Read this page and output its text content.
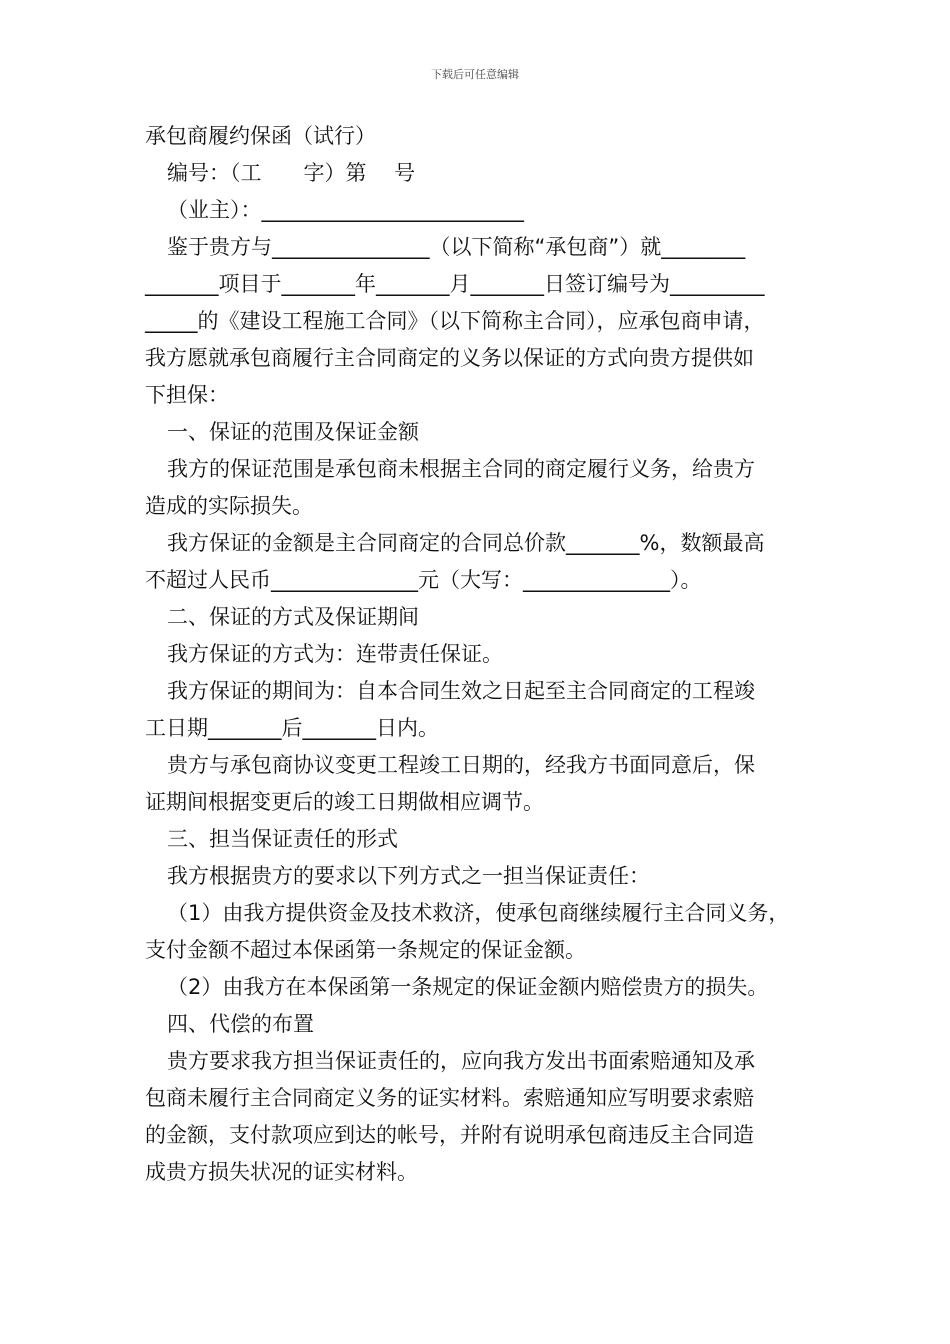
下载后可任意编辑
承包商履约保函（试行）
编号：（工　　字）第　 号
（业主）：_________________________
鉴于贵方与_______________（以下简称“承包商”）就________
_______项目于_______年_______月_______日签订编号为_________
_____的《建设工程施工合同》（以下简称主合同），应承包商申请，
我方愿就承包商履行主合同商定的义务以保证的方式向贵方提供如
下担保：
一、保证的范围及保证金额
我方的保证范围是承包商未根据主合同的商定履行义务，给贵方
造成的实际损失。
我方保证的金额是主合同商定的合同总价款_______%，数额最高
不超过人民币______________元（大写：______________）。
二、保证的方式及保证期间
我方保证的方式为：连带责任保证。
我方保证的期间为：自本合同生效之日起至主合同商定的工程竣
工日期_______后_______日内。
贵方与承包商协议变更工程竣工日期的，经我方书面同意后，保
证期间根据变更后的竣工日期做相应调节。
三、担当保证责任的形式
我方根据贵方的要求以下列方式之一担当保证责任：
（1）由我方提供资金及技术救济，使承包商继续履行主合同义务，
支付金额不超过本保函第一条规定的保证金额。
（2）由我方在本保函第一条规定的保证金额内赔偿贵方的损失。
四、代偿的布置
贵方要求我方担当保证责任的，应向我方发出书面索赔通知及承
包商未履行主合同商定义务的证实材料。索赔通知应写明要求索赔
的金额，支付款项应到达的帐号，并附有说明承包商违反主合同造
成贵方损失状况的证实材料。
